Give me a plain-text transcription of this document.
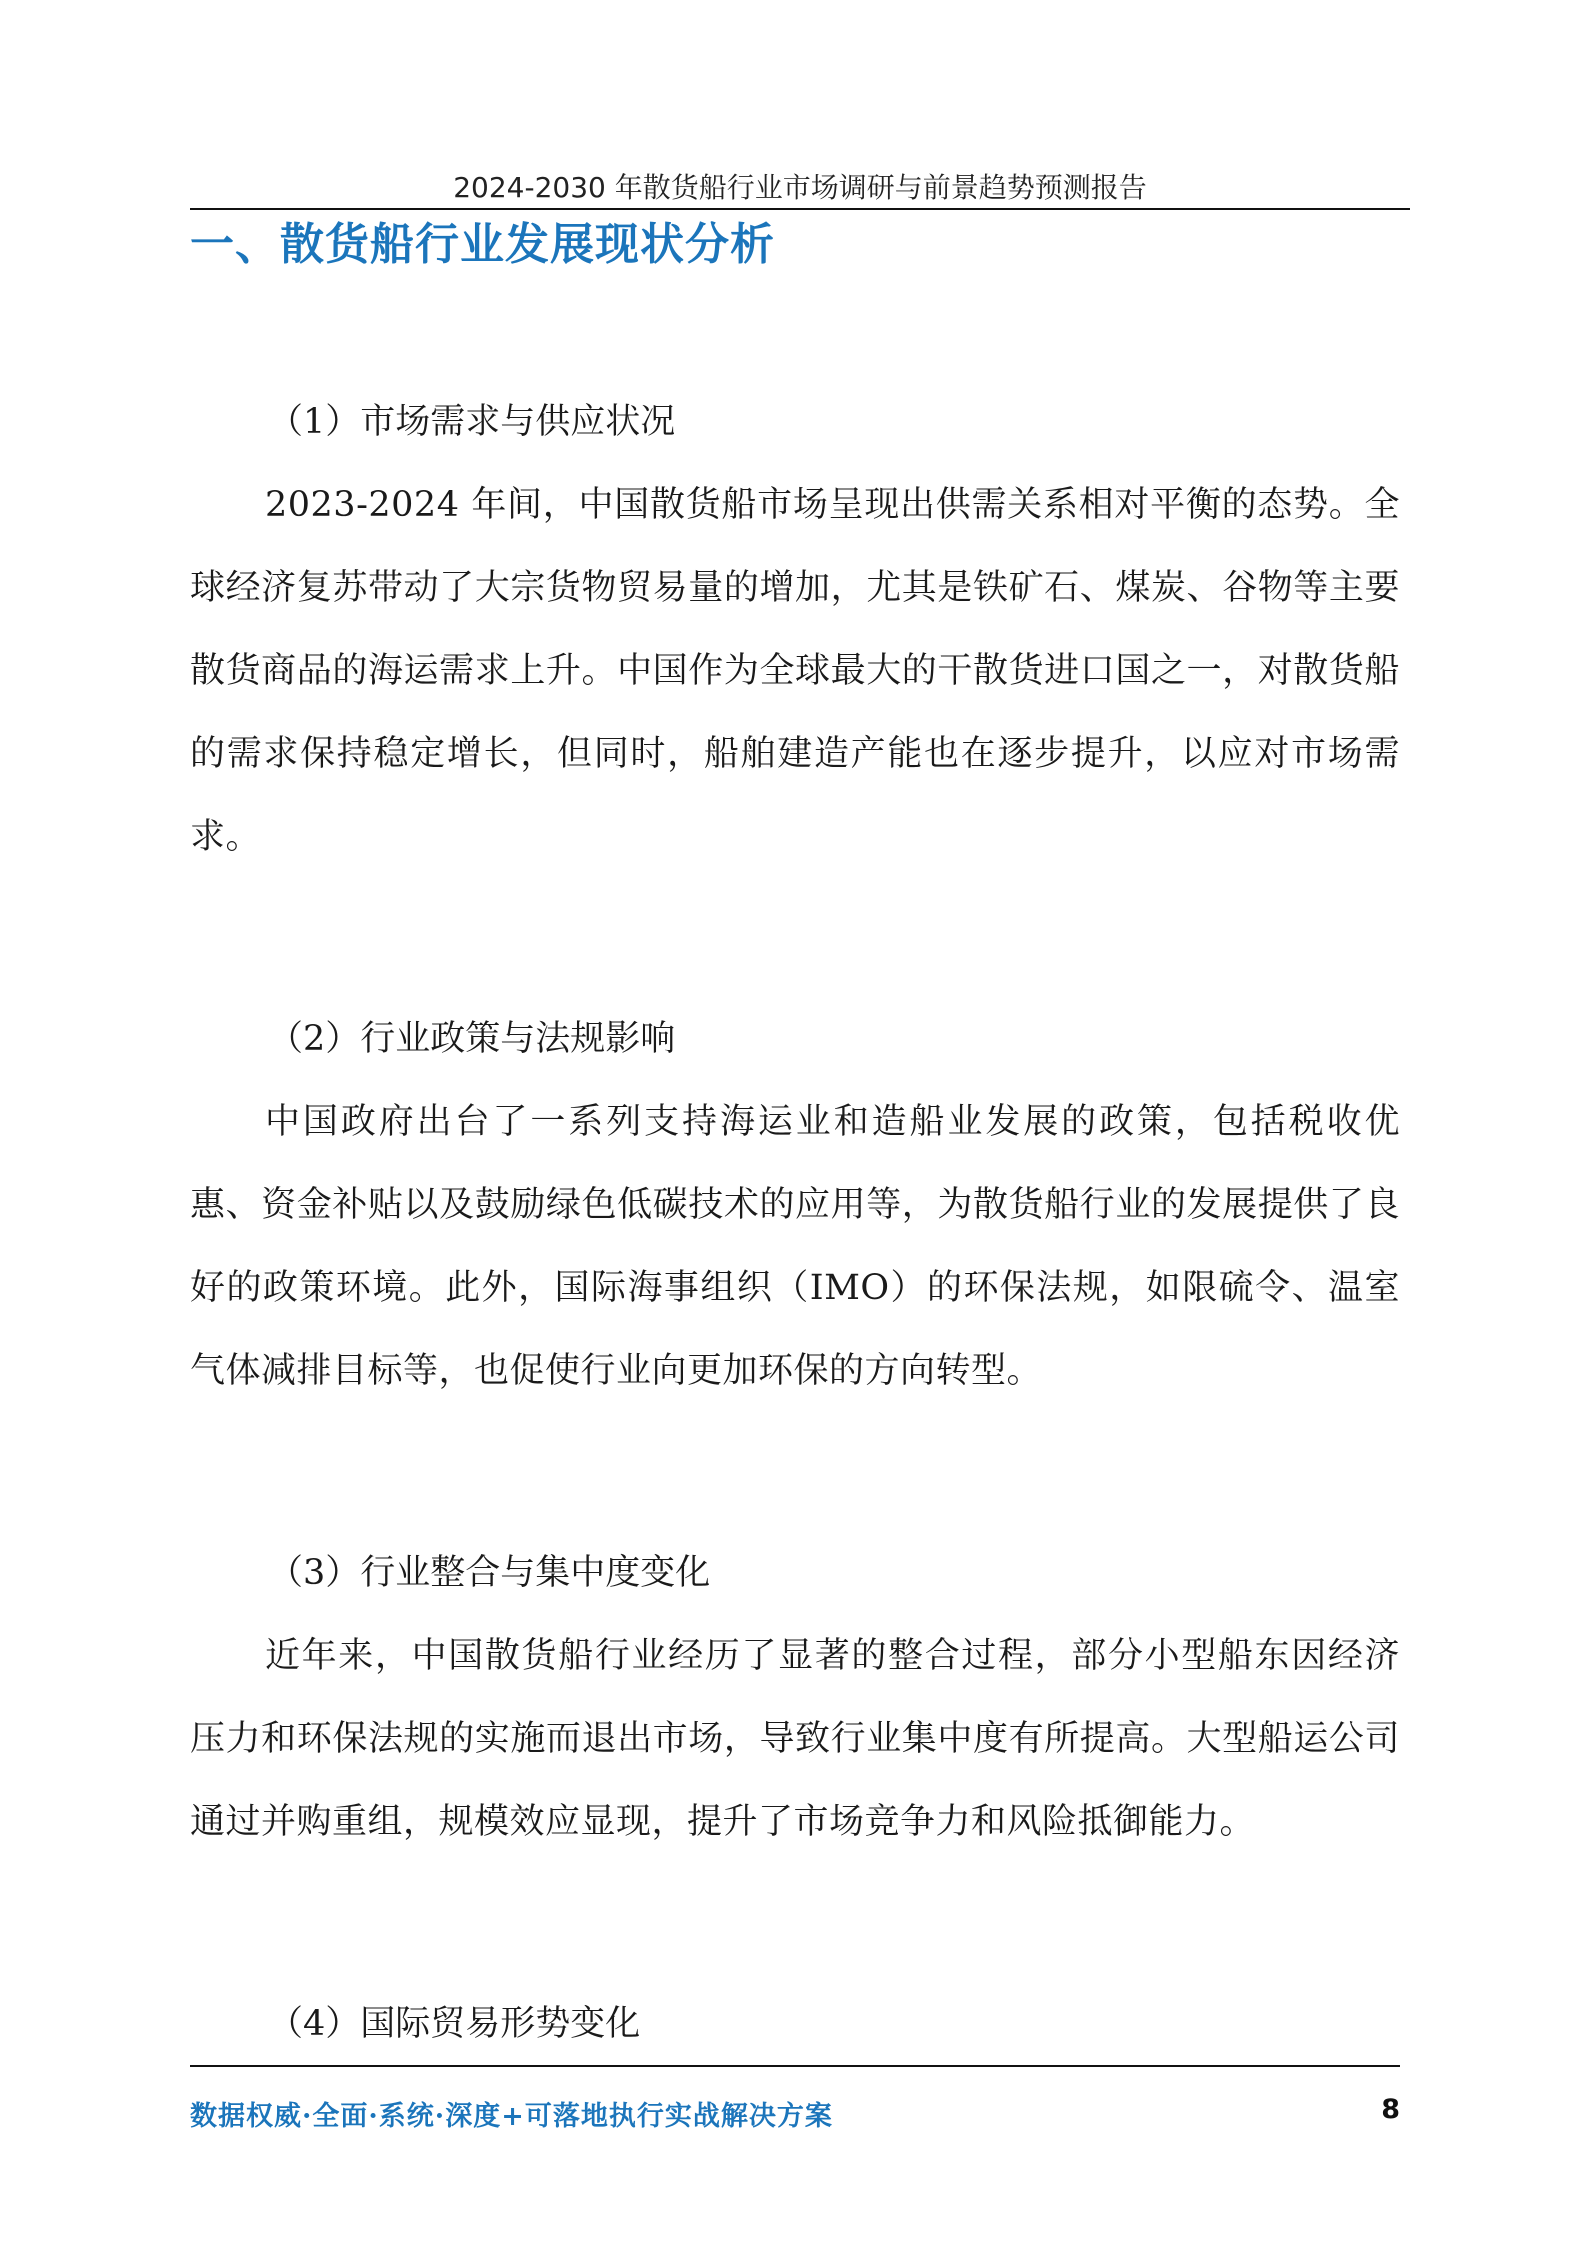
2024-2030 年散货船行业市场调研与前景趋势预测报告
一、散货船行业发展现状分析
（1）市场需求与供应状况

2023-2024 年间，中国散货船市场呈现出供需关系相对平衡的态势。全球经济复苏带动了大宗货物贸易量的增加，尤其是铁矿石、煤炭、谷物等主要散货商品的海运需求上升。中国作为全球最大的干散货进口国之一，对散货船的需求保持稳定增长，但同时，船舶建造产能也在逐步提升，以应对市场需求。

（2）行业政策与法规影响

中国政府出台了一系列支持海运业和造船业发展的政策，包括税收优惠、资金补贴以及鼓励绿色低碳技术的应用等，为散货船行业的发展提供了良好的政策环境。此外，国际海事组织（IMO）的环保法规，如限硫令、温室气体减排目标等，也促使行业向更加环保的方向转型。

（3）行业整合与集中度变化

近年来，中国散货船行业经历了显著的整合过程，部分小型船东因经济压力和环保法规的实施而退出市场，导致行业集中度有所提高。大型船运公司通过并购重组，规模效应显现，提升了市场竞争力和风险抵御能力。

（4）国际贸易形势变化
数据权威·全面·系统·深度+可落地执行实战解决方案	8
